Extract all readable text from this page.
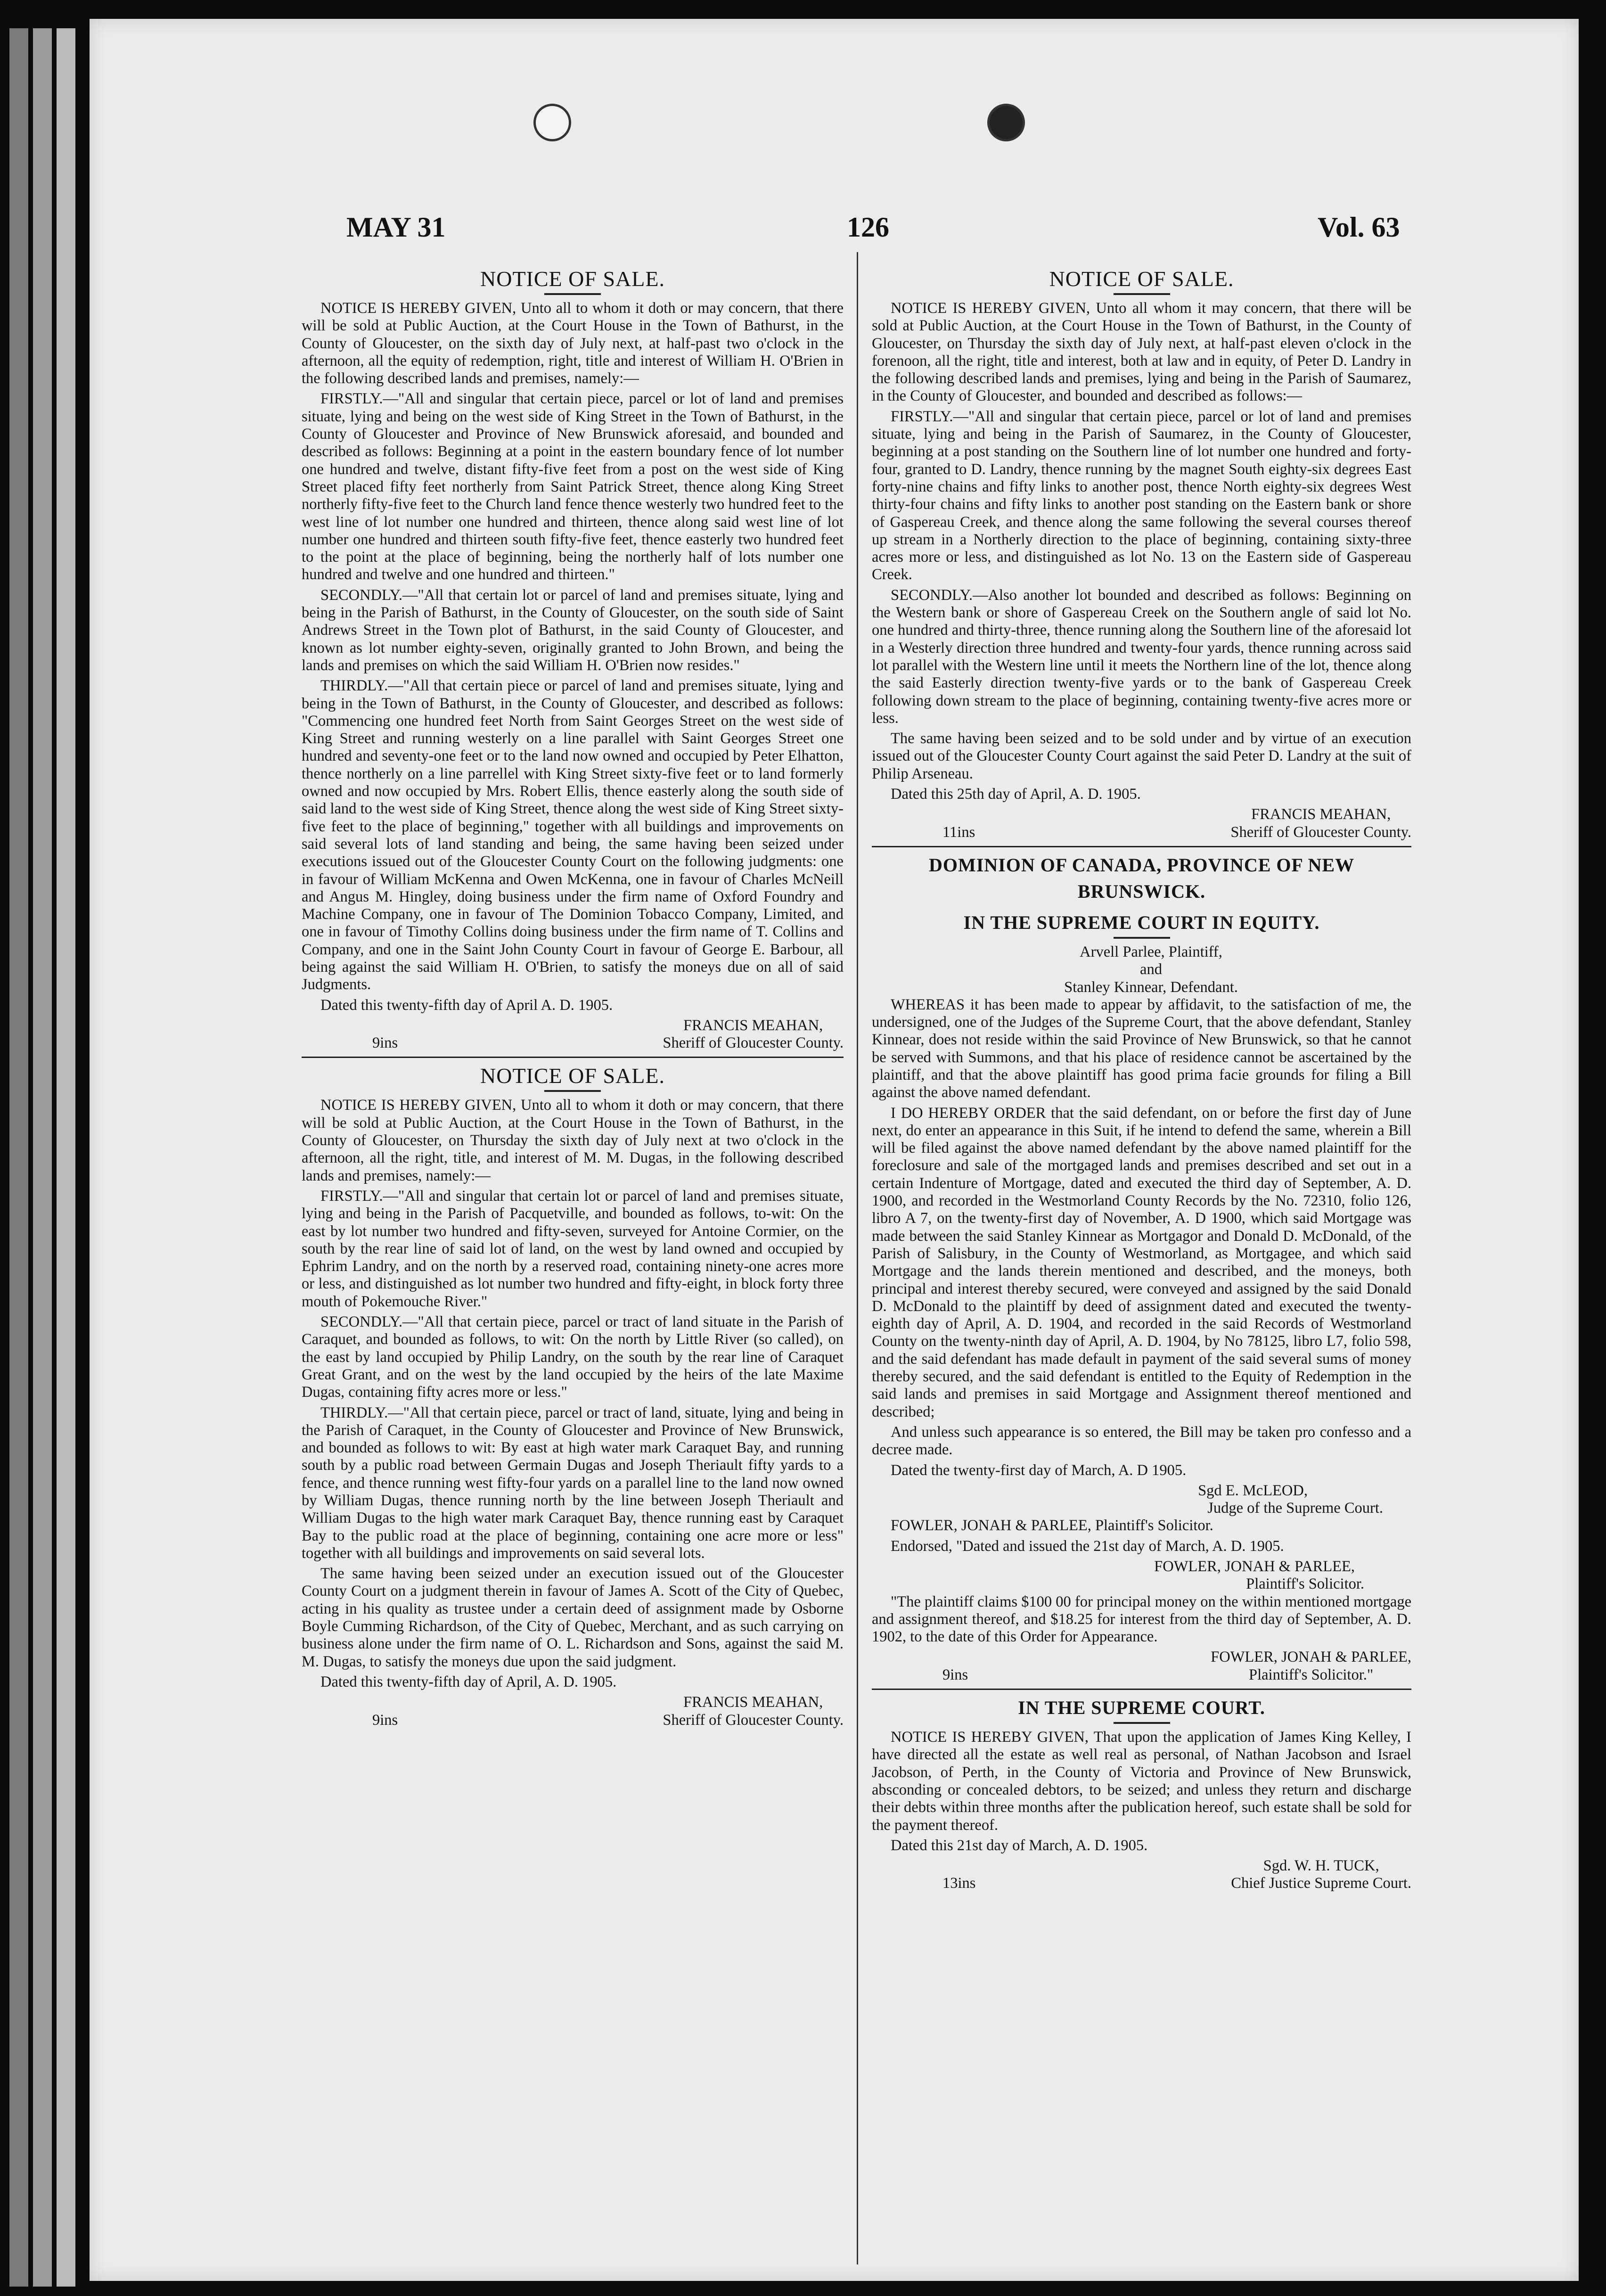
MAY 31	126	Vol. 63
NOTICE OF SALE.

NOTICE IS HEREBY GIVEN, Unto all to whom it doth or may concern, that there will be sold at Public Auction, at the Court House in the Town of Bathurst, in the County of Gloucester, on the sixth day of July next, at half-past two o'clock in the afternoon, all the equity of redemption, right, title and interest of William H. O'Brien in the following described lands and premises, namely:—

FIRSTLY.—"All and singular that certain piece, parcel or lot of land and premises situate, lying and being on the west side of King Street in the Town of Bathurst, in the County of Gloucester and Province of New Brunswick aforesaid, and bounded and described as follows: Beginning at a point in the eastern boundary fence of lot number one hundred and twelve, distant fifty-five feet from a post on the west side of King Street placed fifty feet northerly from Saint Patrick Street, thence along King Street northerly fifty-five feet to the Church land fence thence westerly two hundred feet to the west line of lot number one hundred and thirteen, thence along said west line of lot number one hundred and thirteen south fifty-five feet, thence easterly two hundred feet to the point at the place of beginning, being the northerly half of lots number one hundred and twelve and one hundred and thirteen."

SECONDLY.—"All that certain lot or parcel of land and premises situate, lying and being in the Parish of Bathurst, in the County of Gloucester, on the south side of Saint Andrews Street in the Town plot of Bathurst, in the said County of Gloucester, and known as lot number eighty-seven, originally granted to John Brown, and being the lands and premises on which the said William H. O'Brien now resides."

THIRDLY.—"All that certain piece or parcel of land and premises situate, lying and being in the Town of Bathurst, in the County of Gloucester, and described as follows: "Commencing one hundred feet North from Saint Georges Street on the west side of King Street and running westerly on a line parallel with Saint Georges Street one hundred and seventy-one feet or to the land now owned and occupied by Peter Elhatton, thence northerly on a line parrellel with King Street sixty-five feet or to land formerly owned and now occupied by Mrs. Robert Ellis, thence easterly along the south side of said land to the west side of King Street, thence along the west side of King Street sixty-five feet to the place of beginning," together with all buildings and improvements on said several lots of land standing and being, the same having been seized under executions issued out of the Gloucester County Court on the following judgments: one in favour of William McKenna and Owen McKenna, one in favour of Charles McNeill and Angus M. Hingley, doing business under the firm name of Oxford Foundry and Machine Company, one in favour of The Dominion Tobacco Company, Limited, and one in favour of Timothy Collins doing business under the firm name of T. Collins and Company, and one in the Saint John County Court in favour of George E. Barbour, all being against the said William H. O'Brien, to satisfy the moneys due on all of said Judgments.

Dated this twenty-fifth day of April A. D. 1905.

9ins
FRANCIS MEAHAN,
Sheriff of Gloucester County.
NOTICE OF SALE.

NOTICE IS HEREBY GIVEN, Unto all to whom it doth or may concern, that there will be sold at Public Auction, at the Court House in the Town of Bathurst, in the County of Gloucester, on Thursday the sixth day of July next at two o'clock in the afternoon, all the right, title, and interest of M. M. Dugas, in the following described lands and premises, namely:—

FIRSTLY.—"All and singular that certain lot or parcel of land and premises situate, lying and being in the Parish of Pacquetville, and bounded as follows, to-wit: On the east by lot number two hundred and fifty-seven, surveyed for Antoine Cormier, on the south by the rear line of said lot of land, on the west by land owned and occupied by Ephrim Landry, and on the north by a reserved road, containing ninety-one acres more or less, and distinguished as lot number two hundred and fifty-eight, in block forty three mouth of Pokemouche River."

SECONDLY.—"All that certain piece, parcel or tract of land situate in the Parish of Caraquet, and bounded as follows, to wit: On the north by Little River (so called), on the east by land occupied by Philip Landry, on the south by the rear line of Caraquet Great Grant, and on the west by the land occupied by the heirs of the late Maxime Dugas, containing fifty acres more or less."

THIRDLY.—"All that certain piece, parcel or tract of land, situate, lying and being in the Parish of Caraquet, in the County of Gloucester and Province of New Brunswick, and bounded as follows to wit: By east at high water mark Caraquet Bay, and running south by a public road between Germain Dugas and Joseph Theriault fifty yards to a fence, and thence running west fifty-four yards on a parallel line to the land now owned by William Dugas, thence running north by the line between Joseph Theriault and William Dugas to the high water mark Caraquet Bay, thence running east by Caraquet Bay to the public road at the place of beginning, containing one acre more or less" together with all buildings and improvements on said several lots.

The same having been seized under an execution issued out of the Gloucester County Court on a judgment therein in favour of James A. Scott of the City of Quebec, acting in his quality as trustee under a certain deed of assignment made by Osborne Boyle Cumming Richardson, of the City of Quebec, Merchant, and as such carrying on business alone under the firm name of O. L. Richardson and Sons, against the said M. M. Dugas, to satisfy the moneys due upon the said judgment.

Dated this twenty-fifth day of April, A. D. 1905.

9ins
FRANCIS MEAHAN,
Sheriff of Gloucester County.
NOTICE OF SALE.

NOTICE IS HEREBY GIVEN, Unto all whom it may concern, that there will be sold at Public Auction, at the Court House in the Town of Bathurst, in the County of Gloucester, on Thursday the sixth day of July next, at half-past eleven o'clock in the forenoon, all the right, title and interest, both at law and in equity, of Peter D. Landry in the following described lands and premises, lying and being in the Parish of Saumarez, in the County of Gloucester, and bounded and described as follows:—

FIRSTLY.—"All and singular that certain piece, parcel or lot of land and premises situate, lying and being in the Parish of Saumarez, in the County of Gloucester, beginning at a post standing on the Southern line of lot number one hundred and forty-four, granted to D. Landry, thence running by the magnet South eighty-six degrees East forty-nine chains and fifty links to another post, thence North eighty-six degrees West thirty-four chains and fifty links to another post standing on the Eastern bank or shore of Gaspereau Creek, and thence along the same following the several courses thereof up stream in a Northerly direction to the place of beginning, containing sixty-three acres more or less, and distinguished as lot No. 13 on the Eastern side of Gaspereau Creek.

SECONDLY.—Also another lot bounded and described as follows: Beginning on the Western bank or shore of Gaspereau Creek on the Southern angle of said lot No. one hundred and thirty-three, thence running along the Southern line of the aforesaid lot in a Westerly direction three hundred and twenty-four yards, thence running across said lot parallel with the Western line until it meets the Northern line of the lot, thence along the said Easterly direction twenty-five yards or to the bank of Gaspereau Creek following down stream to the place of beginning, containing twenty-five acres more or less.

The same having been seized and to be sold under and by virtue of an execution issued out of the Gloucester County Court against the said Peter D. Landry at the suit of Philip Arseneau.

Dated this 25th day of April, A. D. 1905.

11ins
FRANCIS MEAHAN,
Sheriff of Gloucester County.
DOMINION OF CANADA, PROVINCE OF NEW BRUNSWICK.
IN THE SUPREME COURT IN EQUITY.

Arvell Parlee, Plaintiff,

and

Stanley Kinnear, Defendant.

WHEREAS it has been made to appear by affidavit, to the satisfaction of me, the undersigned, one of the Judges of the Supreme Court, that the above defendant, Stanley Kinnear, does not reside within the said Province of New Brunswick, so that he cannot be served with Summons, and that his place of residence cannot be ascertained by the plaintiff, and that the above plaintiff has good prima facie grounds for filing a Bill against the above named defendant.

I DO HEREBY ORDER that the said defendant, on or before the first day of June next, do enter an appearance in this Suit, if he intend to defend the same, wherein a Bill will be filed against the above named defendant by the above named plaintiff for the foreclosure and sale of the mortgaged lands and premises described and set out in a certain Indenture of Mortgage, dated and executed the third day of September, A. D. 1900, and recorded in the Westmorland County Records by the No. 72310, folio 126, libro A 7, on the twenty-first day of November, A. D 1900, which said Mortgage was made between the said Stanley Kinnear as Mortgagor and Donald D. McDonald, of the Parish of Salisbury, in the County of Westmorland, as Mortgagee, and which said Mortgage and the lands therein mentioned and described, and the moneys, both principal and interest thereby secured, were conveyed and assigned by the said Donald D. McDonald to the plaintiff by deed of assignment dated and executed the twenty-eighth day of April, A. D. 1904, and recorded in the said Records of Westmorland County on the twenty-ninth day of April, A. D. 1904, by No 78125, libro L7, folio 598, and the said defendant has made default in payment of the said several sums of money thereby secured, and the said defendant is entitled to the Equity of Redemption in the said lands and premises in said Mortgage and Assignment thereof mentioned and described;

And unless such appearance is so entered, the Bill may be taken pro confesso and a decree made.

Dated the twenty-first day of March, A. D 1905.

Sgd E. McLEOD,

Judge of the Supreme Court.

FOWLER, JONAH & PARLEE, Plaintiff's Solicitor.

Endorsed, "Dated and issued the 21st day of March, A. D. 1905.

FOWLER, JONAH & PARLEE,

Plaintiff's Solicitor.

"The plaintiff claims $100 00 for principal money on the within mentioned mortgage and assignment thereof, and $18.25 for interest from the third day of September, A. D. 1902, to the date of this Order for Appearance.

9ins
FOWLER, JONAH & PARLEE,
Plaintiff's Solicitor."
IN THE SUPREME COURT.

NOTICE IS HEREBY GIVEN, That upon the application of James King Kelley, I have directed all the estate as well real as personal, of Nathan Jacobson and Israel Jacobson, of Perth, in the County of Victoria and Province of New Brunswick, absconding or concealed debtors, to be seized; and unless they return and discharge their debts within three months after the publication hereof, such estate shall be sold for the payment thereof.

Dated this 21st day of March, A. D. 1905.

13ins
Sgd. W. H. TUCK,
Chief Justice Supreme Court.
